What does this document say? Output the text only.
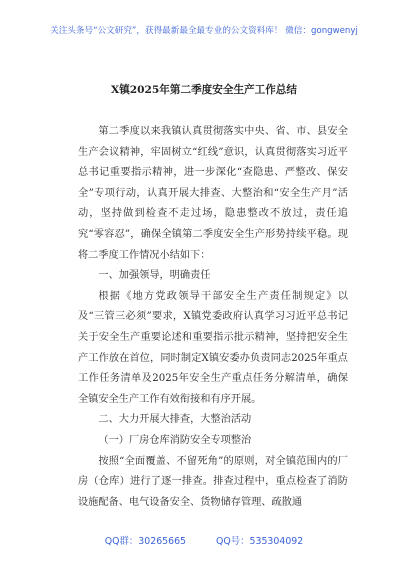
关注头条号“公文研究”，获得最新最全最专业的公文资料库！ 微信：gongwenyj
X镇2025年第二季度安全生产工作总结

第二季度以来我镇认真贯彻落实中央、省、市、县安全生产会议精神，牢固树立“红线”意识，认真贯彻落实习近平总书记重要指示精神，进一步深化“查隐患、严整改、保安全”专项行动，认真开展大排查、大整治和“安全生产月”活动，坚持做到检查不走过场，隐患整改不放过，责任追究“零容忍”，确保全镇第二季度安全生产形势持续平稳。现将二季度工作情况小结如下：

一、加强领导，明确责任

根据《地方党政领导干部安全生产责任制规定》以及“三管三必须”要求，X镇党委政府认真学习习近平总书记关于安全生产重要论述和重要指示批示精神，坚持把安全生产工作放在首位，同时制定X镇安委办负责同志2025年重点工作任务清单及2025年安全生产重点任务分解清单，确保全镇安全生产工作有效衔接和有序开展。

二、大力开展大排查，大整治活动

（一）厂房仓库消防安全专项整治

按照“全面覆盖、不留死角”的原则，对全镇范围内的厂房（仓库）进行了逐一排查。排查过程中，重点检查了消防设施配备、电气设备安全、货物储存管理、疏散通

QQ群：30265665	QQ号：535304092
